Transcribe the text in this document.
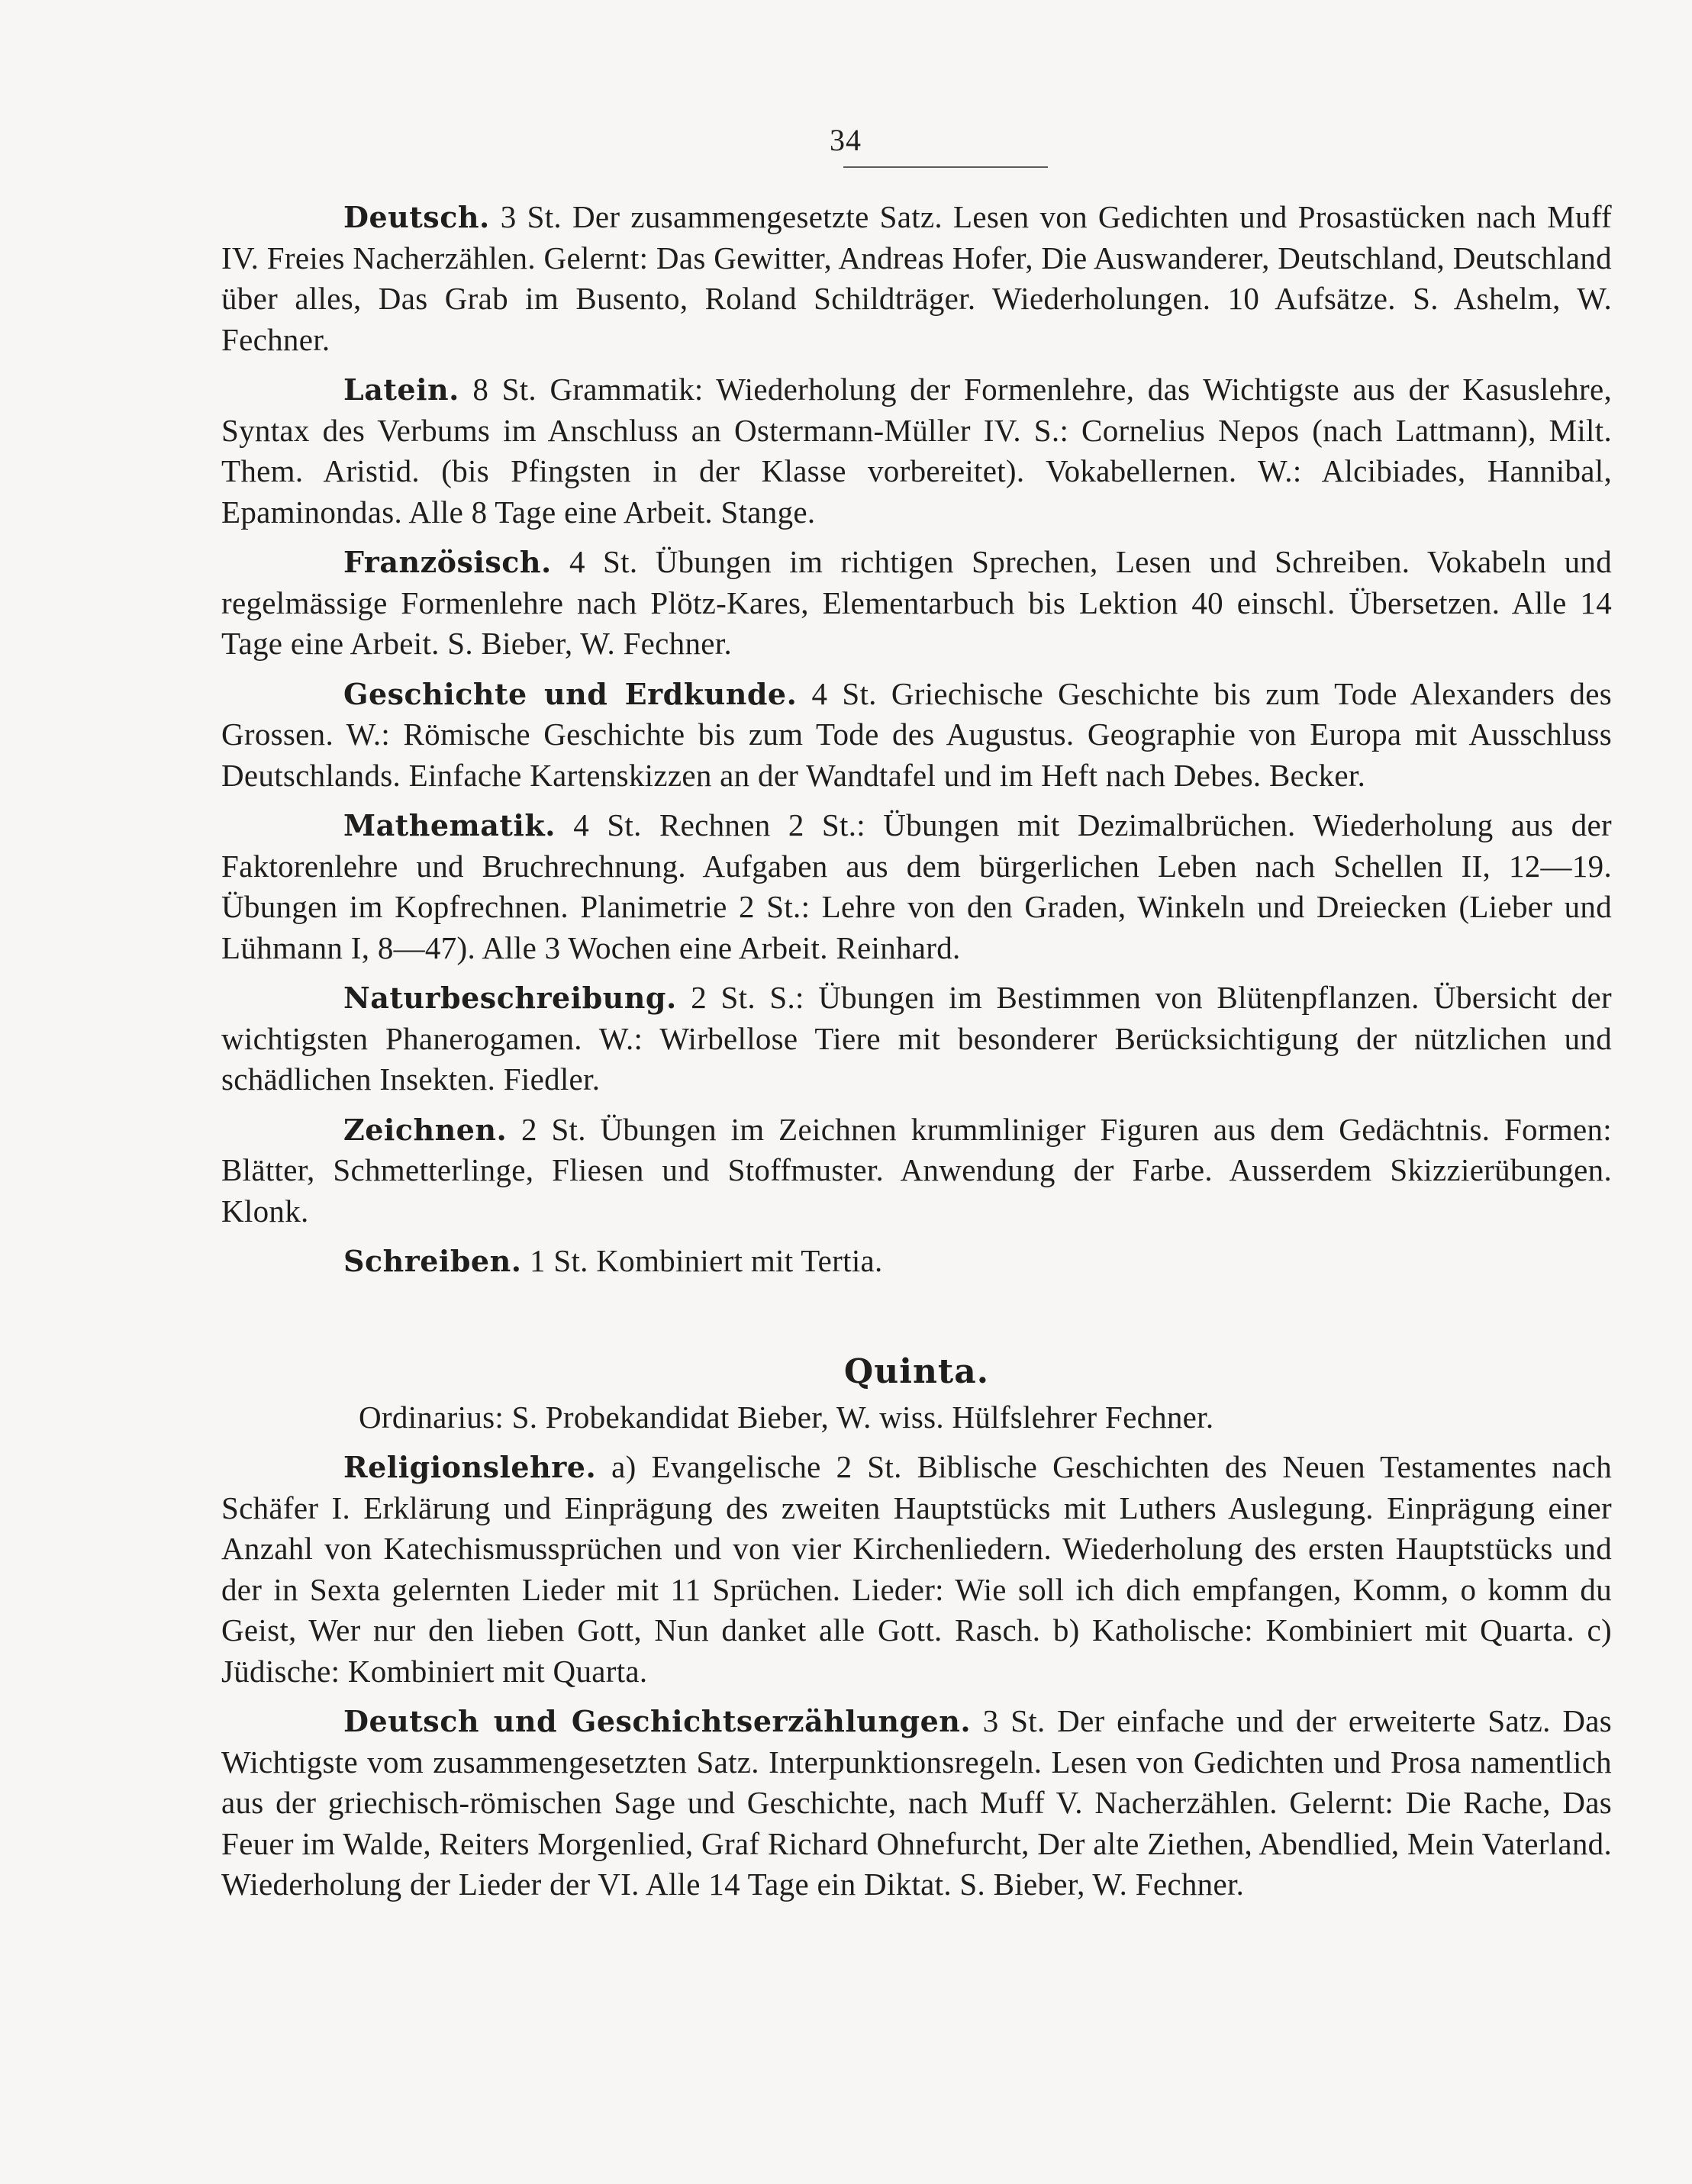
34

Deutsch. 3 St. Der zusammengesetzte Satz. Lesen von Gedichten und Prosastücken nach Muff IV. Freies Nacherzählen. Gelernt: Das Gewitter, Andreas Hofer, Die Auswanderer, Deutschland, Deutschland über alles, Das Grab im Busento, Roland Schildträger. Wiederholungen. 10 Aufsätze. S. Ashelm, W. Fechner.

Latein. 8 St. Grammatik: Wiederholung der Formenlehre, das Wichtigste aus der Kasuslehre, Syntax des Verbums im Anschluss an Ostermann-Müller IV. S.: Cornelius Nepos (nach Lattmann), Milt. Them. Aristid. (bis Pfingsten in der Klasse vorbereitet). Vokabellernen. W.: Alcibiades, Hannibal, Epaminondas. Alle 8 Tage eine Arbeit. Stange.

Französisch. 4 St. Übungen im richtigen Sprechen, Lesen und Schreiben. Vokabeln und regelmässige Formenlehre nach Plötz-Kares, Elementarbuch bis Lektion 40 einschl. Übersetzen. Alle 14 Tage eine Arbeit. S. Bieber, W. Fechner.

Geschichte und Erdkunde. 4 St. Griechische Geschichte bis zum Tode Alexanders des Grossen. W.: Römische Geschichte bis zum Tode des Augustus. Geographie von Europa mit Ausschluss Deutschlands. Einfache Kartenskizzen an der Wandtafel und im Heft nach Debes. Becker.

Mathematik. 4 St. Rechnen 2 St.: Übungen mit Dezimalbrüchen. Wiederholung aus der Faktorenlehre und Bruchrechnung. Aufgaben aus dem bürgerlichen Leben nach Schellen II, 12—19. Übungen im Kopfrechnen. Planimetrie 2 St.: Lehre von den Graden, Winkeln und Dreiecken (Lieber und Lühmann I, 8—47). Alle 3 Wochen eine Arbeit. Reinhard.

Naturbeschreibung. 2 St. S.: Übungen im Bestimmen von Blütenpflanzen. Übersicht der wichtigsten Phanerogamen. W.: Wirbellose Tiere mit besonderer Berücksichtigung der nützlichen und schädlichen Insekten. Fiedler.

Zeichnen. 2 St. Übungen im Zeichnen krummliniger Figuren aus dem Gedächtnis. Formen: Blätter, Schmetterlinge, Fliesen und Stoffmuster. Anwendung der Farbe. Ausserdem Skizzierübungen. Klonk.

Schreiben. 1 St. Kombiniert mit Tertia.

Quinta.

Ordinarius: S. Probekandidat Bieber, W. wiss. Hülfslehrer Fechner.

Religionslehre. a) Evangelische 2 St. Biblische Geschichten des Neuen Testamentes nach Schäfer I. Erklärung und Einprägung des zweiten Hauptstücks mit Luthers Auslegung. Einprägung einer Anzahl von Katechismussprüchen und von vier Kirchenliedern. Wiederholung des ersten Hauptstücks und der in Sexta gelernten Lieder mit 11 Sprüchen. Lieder: Wie soll ich dich empfangen, Komm, o komm du Geist, Wer nur den lieben Gott, Nun danket alle Gott. Rasch. b) Katholische: Kombiniert mit Quarta. c) Jüdische: Kombiniert mit Quarta.

Deutsch und Geschichtserzählungen. 3 St. Der einfache und der erweiterte Satz. Das Wichtigste vom zusammengesetzten Satz. Interpunktionsregeln. Lesen von Gedichten und Prosa namentlich aus der griechisch-römischen Sage und Geschichte, nach Muff V. Nacherzählen. Gelernt: Die Rache, Das Feuer im Walde, Reiters Morgenlied, Graf Richard Ohnefurcht, Der alte Ziethen, Abendlied, Mein Vaterland. Wiederholung der Lieder der VI. Alle 14 Tage ein Diktat. S. Bieber, W. Fechner.
